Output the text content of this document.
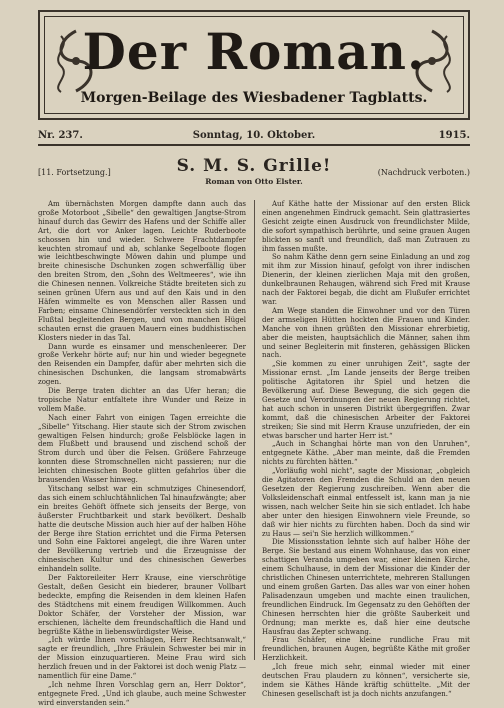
Der Roman.
Morgen-Beilage des Wiesbadener Tagblatts.
Nr. 237.	Sonntag, 10. Oktober.	1915.
[11. Fortsetzung.]	(Nachdruck verboten.)
S. M. S. Grille!
Roman von Otto Elster.

Am übernächsten Morgen dampfte dann auch das große Motorboot „Sibelle“ den gewaltigen Jangtse-Strom hinauf durch das Gewirr des Hafens und der Schiffe aller Art, die dort vor Anker lagen. Leichte Ruderboote schossen hin und wieder. Schwere Frachtdampfer keuchten stromauf und ab, schlanke Segelboote flogen wie leichtbeschwingte Möwen dahin und plumpe und breite chinesische Dschunken zogen schwerfällig über den breiten Strom, den „Sohn des Weltmeeres“, wie ihn die Chinesen nennen. Volkreiche Städte breiteten sich zu seinen grünen Ufern aus und auf den Kais und in den Häfen wimmelte es von Menschen aller Rassen und Farben; einsame Chinesendörfer versteckten sich in den Flußtal begleitenden Bergen, und von manchen Hügel schauten ernst die grauen Mauern eines buddhistischen Klosters nieder in das Tal.

Dann wurde es einsamer und menschenleerer. Der große Verkehr hörte auf; nur hin und wieder begegnete den Reisenden ein Dampfer, dafür aber mehrten sich die chinesischen Dschunken, die langsam stromabwärts zogen.

Die Berge traten dichter an das Ufer heran; die tropische Natur entfaltete ihre Wunder und Reize in vollem Maße.

Nach einer Fahrt von einigen Tagen erreichte die „Sibelle“ Yitschang. Hier staute sich der Strom zwischen gewaltigen Felsen hindurch; große Felsblöcke lagen in dem Flußbett und brausend und zischend schoß der Strom durch und über die Felsen. Größere Fahrzeuge konnten diese Stromschnellen nicht passieren; nur die leichten chinesischen Boote glitten gefahrlos über die brausenden Wasser hinweg.

Yitschang selbst war ein schmutziges Chinesendorf, das sich einem schluchtähnlichen Tal hinaufzwängte; aber ein breites Gehöft öffnete sich jenseits der Berge, von äußerster Fruchtbarkeit und stark bevölkert. Deshalb hatte die deutsche Mission auch hier auf der halben Höhe der Berge ihre Station errichtet und die Firma Petersen und Sohn eine Faktorei angelegt, die ihre Waren unter der Bevölkerung vertrieb und die Erzeugnisse der chinesischen Kultur und des chinesischen Gewerbes einhandeln sollte.

Der Faktoreileiter Herr Krause, eine vierschrötige Gestalt, deßen Gesicht ein biederer, brauner Vollbart bedeckte, empfing die Reisenden in dem kleinen Hafen des Städtchens mit einem freudigen Willkommen. Auch Doktor Schäfer, der Vorsteher der Mission, war erschienen, lächelte dem freundschaftlich die Hand und begrüßte Käthe in liebenswürdigster Weise.

„Ich würde Ihnen vorschlagen, Herr Rechtsanwalt,“ sagte er freundlich, „Ihre Fräulein Schwester bei mir in der Mission einzuquartieren. Meine Frau wird sich herzlich freuen und in der Faktorei ist doch wenig Platz — namentlich für eine Dame.“

„Ich nehme Ihren Vorschlag gern an, Herr Doktor“, entgegnete Fred. „Und ich glaube, auch meine Schwester wird einverstanden sein.“

Auf Käthe hatte der Missionar auf den ersten Blick einen angenehmen Eindruck gemacht. Sein glattrasiertes Gesicht zeigte einen Ausdruck von freundlichster Milde, die sofort sympathisch berührte, und seine grauen Augen blickten so sanft und freundlich, daß man Zutrauen zu ihm fassen mußte.

So nahm Käthe denn gern seine Einladung an und zog mit ihm zur Mission hinauf, gefolgt von ihrer indischen Dienerin, der kleinen zierlichen Maja mit den großen, dunkelbraunen Rehaugen, während sich Fred mit Krause nach der Faktorei begab, die dicht am Flußufer errichtet war.

Am Wege standen die Einwohner und vor den Türen der armseligen Hütten hockten die Frauen und Kinder. Manche von ihnen grüßten den Missionar ehrerbietig, aber die meisten, hauptsächlich die Männer, sahen ihm und seiner Begleiterin mit finsteren, gehässigen Blicken nach.

„Sie kommen zu einer unruhigen Zeit“, sagte der Missionar ernst. „Im Lande jenseits der Berge treiben politische Agitatoren ihr Spiel und hetzen die Bevölkerung auf. Diese Bewegung, die sich gegen die Gesetze und Verordnungen der neuen Regierung richtet, hat auch schon in unseren Distrikt übergegriffen. Zwar kommt, daß die chinesischen Arbeiter der Faktorei streiken; Sie sind mit Herrn Krause unzufrieden, der ein etwas barscher und harter Herr ist.“

„Auch in Schanghai hörte man von den Unruhen“, entgegnete Käthe. „Aber man meinte, daß die Fremden nichts zu fürchten hätten.“

„Vorläufig wohl nicht“, sagte der Missionar, „obgleich die Agitatoren den Fremden die Schuld an den neuen Gesetzen der Regierung zuschreiben. Wenn aber die Volksleidenschaft einmal entfesselt ist, kann man ja nie wissen, nach welcher Seite hin sie sich entladet. Ich habe aber unter den hiesigen Einwohnern viele Freunde, so daß wir hier nichts zu fürchten haben. Doch da sind wir zu Haus — sei'n Sie herzlich willkommen.“

Die Missionsstation lehnte sich auf halber Höhe der Berge. Sie bestand aus einem Wohnhause, das von einer schattigen Veranda umgeben war, einer kleinen Kirche, einem Schulhause, in dem der Missionar die Kinder der christlichen Chinesen unterrichtete, mehreren Stallungen und einem großen Garten. Das alles war von einer hohen Palisadenzaun umgeben und machte einen traulichen, freundlichen Eindruck. Im Gegensatz zu den Gehöften der Chinesen herrschten hier die größte Sauberkeit und Ordnung; man merkte es, daß hier eine deutsche Hausfrau das Zepter schwang.

Frau Schäfer, eine kleine rundliche Frau mit freundlichen, braunen Augen, begrüßte Käthe mit großer Herzlichkeit.

„Ich freue mich sehr, einmal wieder mit einer deutschen Frau plaudern zu können“, versicherte sie, indem sie Käthes Hände kräftig schüttelte. „Mit der Chinesen gesellschaft ist ja doch nichts anzufangen.“
